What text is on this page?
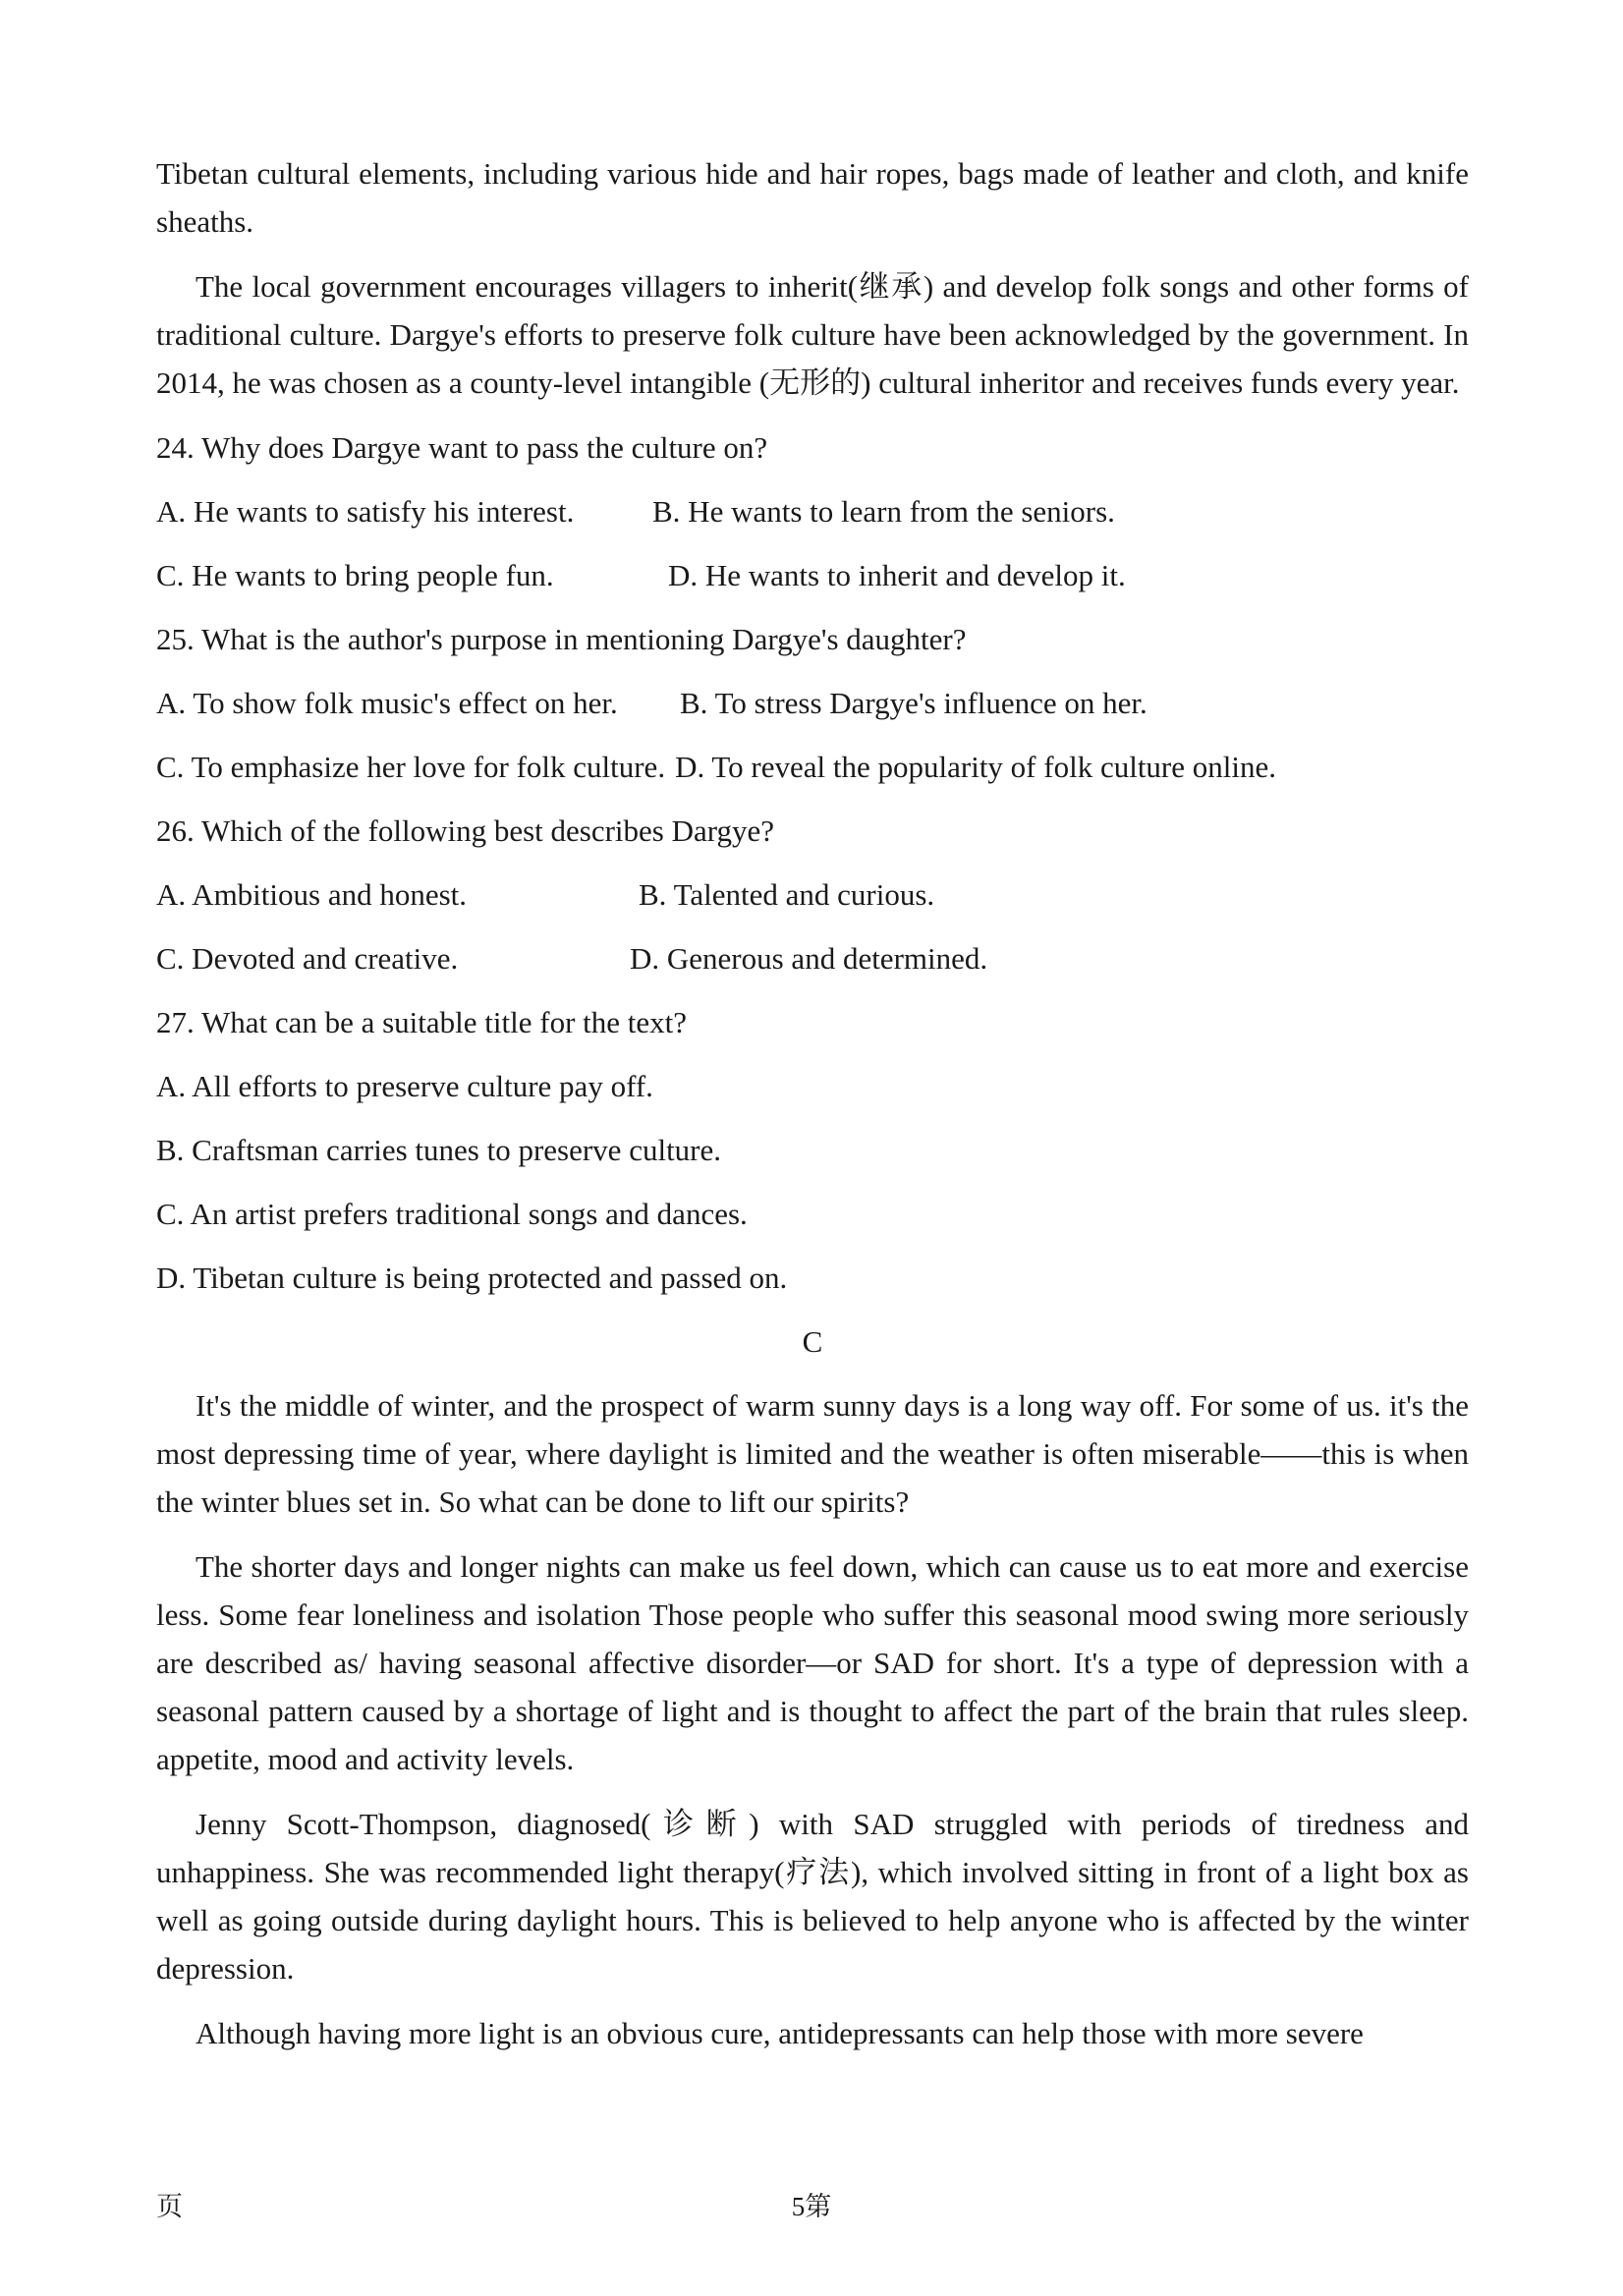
Tibetan cultural elements, including various hide and hair ropes, bags made of leather and cloth, and knife sheaths.

The local government encourages villagers to inherit(继承) and develop folk songs and other forms of traditional culture. Dargye's efforts to preserve folk culture have been acknowledged by the government. In 2014, he was chosen as a county-level intangible (无形的) cultural inheritor and receives funds every year.

24. Why does Dargye want to pass the culture on?
A. He wants to satisfy his interest.	B. He wants to learn from the seniors.
C. He wants to bring people fun.	D. He wants to inherit and develop it.
25. What is the author's purpose in mentioning Dargye's daughter?
A. To show folk music's effect on her. B. To stress Dargye's influence on her.
C. To emphasize her love for folk culture. D. To reveal the popularity of folk culture online.
26. Which of the following best describes Dargye?
A. Ambitious and honest.	B. Talented and curious.
C. Devoted and creative.	D. Generous and determined.
27. What can be a suitable title for the text?
A. All efforts to preserve culture pay off.
B. Craftsman carries tunes to preserve culture.
C. An artist prefers traditional songs and dances.
D. Tibetan culture is being protected and passed on.
C

It's the middle of winter, and the prospect of warm sunny days is a long way off. For some of us. it's the most depressing time of year, where daylight is limited and the weather is often miserable——this is when the winter blues set in. So what can be done to lift our spirits?

The shorter days and longer nights can make us feel down, which can cause us to eat more and exercise less. Some fear loneliness and isolation Those people who suffer this seasonal mood swing more seriously are described as/ having seasonal affective disorder—or SAD for short. It's a type of depression with a seasonal pattern caused by a shortage of light and is thought to affect the part of the brain that rules sleep. appetite, mood and activity levels.

Jenny Scott-Thompson, diagnosed(诊断) with SAD struggled with periods of tiredness and unhappiness. She was recommended light therapy(疗法), which involved sitting in front of a light box as well as going outside during daylight hours. This is believed to help anyone who is affected by the winter depression.

Although having more light is an obvious cure, antidepressants can help those with more severe

页	5第
